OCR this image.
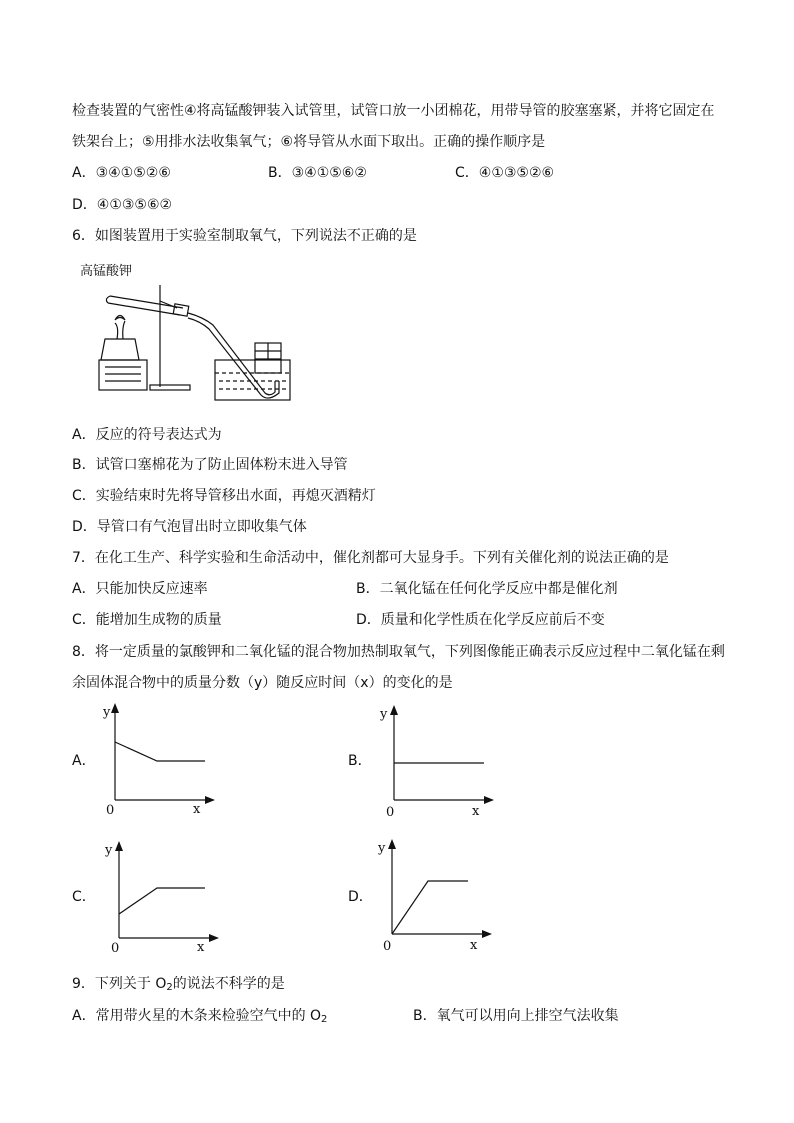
检查装置的气密性④将高锰酸钾装入试管里，试管口放一小团棉花，用带导管的胶塞塞紧，并将它固定在
铁架台上；⑤用排水法收集氧气；⑥将导管从水面下取出。正确的操作顺序是
A．③④①⑤②⑥	B．③④①⑤⑥②	C．④①③⑤②⑥
D．④①③⑤⑥②
6．如图装置用于实验室制取氧气，下列说法不正确的是
高锰酸钾
A．反应的符号表达式为
B．试管口塞棉花为了防止固体粉末进入导管
C．实验结束时先将导管移出水面，再熄灭酒精灯
D．导管口有气泡冒出时立即收集气体
7．在化工生产、科学实验和生命活动中，催化剂都可大显身手。下列有关催化剂的说法正确的是
A．只能加快反应速率	B．二氧化锰在任何化学反应中都是催化剂
C．能增加生成物的质量	D．质量和化学性质在化学反应前后不变
8．将一定质量的氯酸钾和二氧化锰的混合物加热制取氧气，下列图像能正确表示反应过程中二氧化锰在剩
余固体混合物中的质量分数（y）随反应时间（x）的变化的是
A．
y
0	x
B．
y
0	x
C．
y
0	x
D．
y
0	x
9．下列关于 O2的说法不科学的是
A．常用带火星的木条来检验空气中的 O2	B．氧气可以用向上排空气法收集
